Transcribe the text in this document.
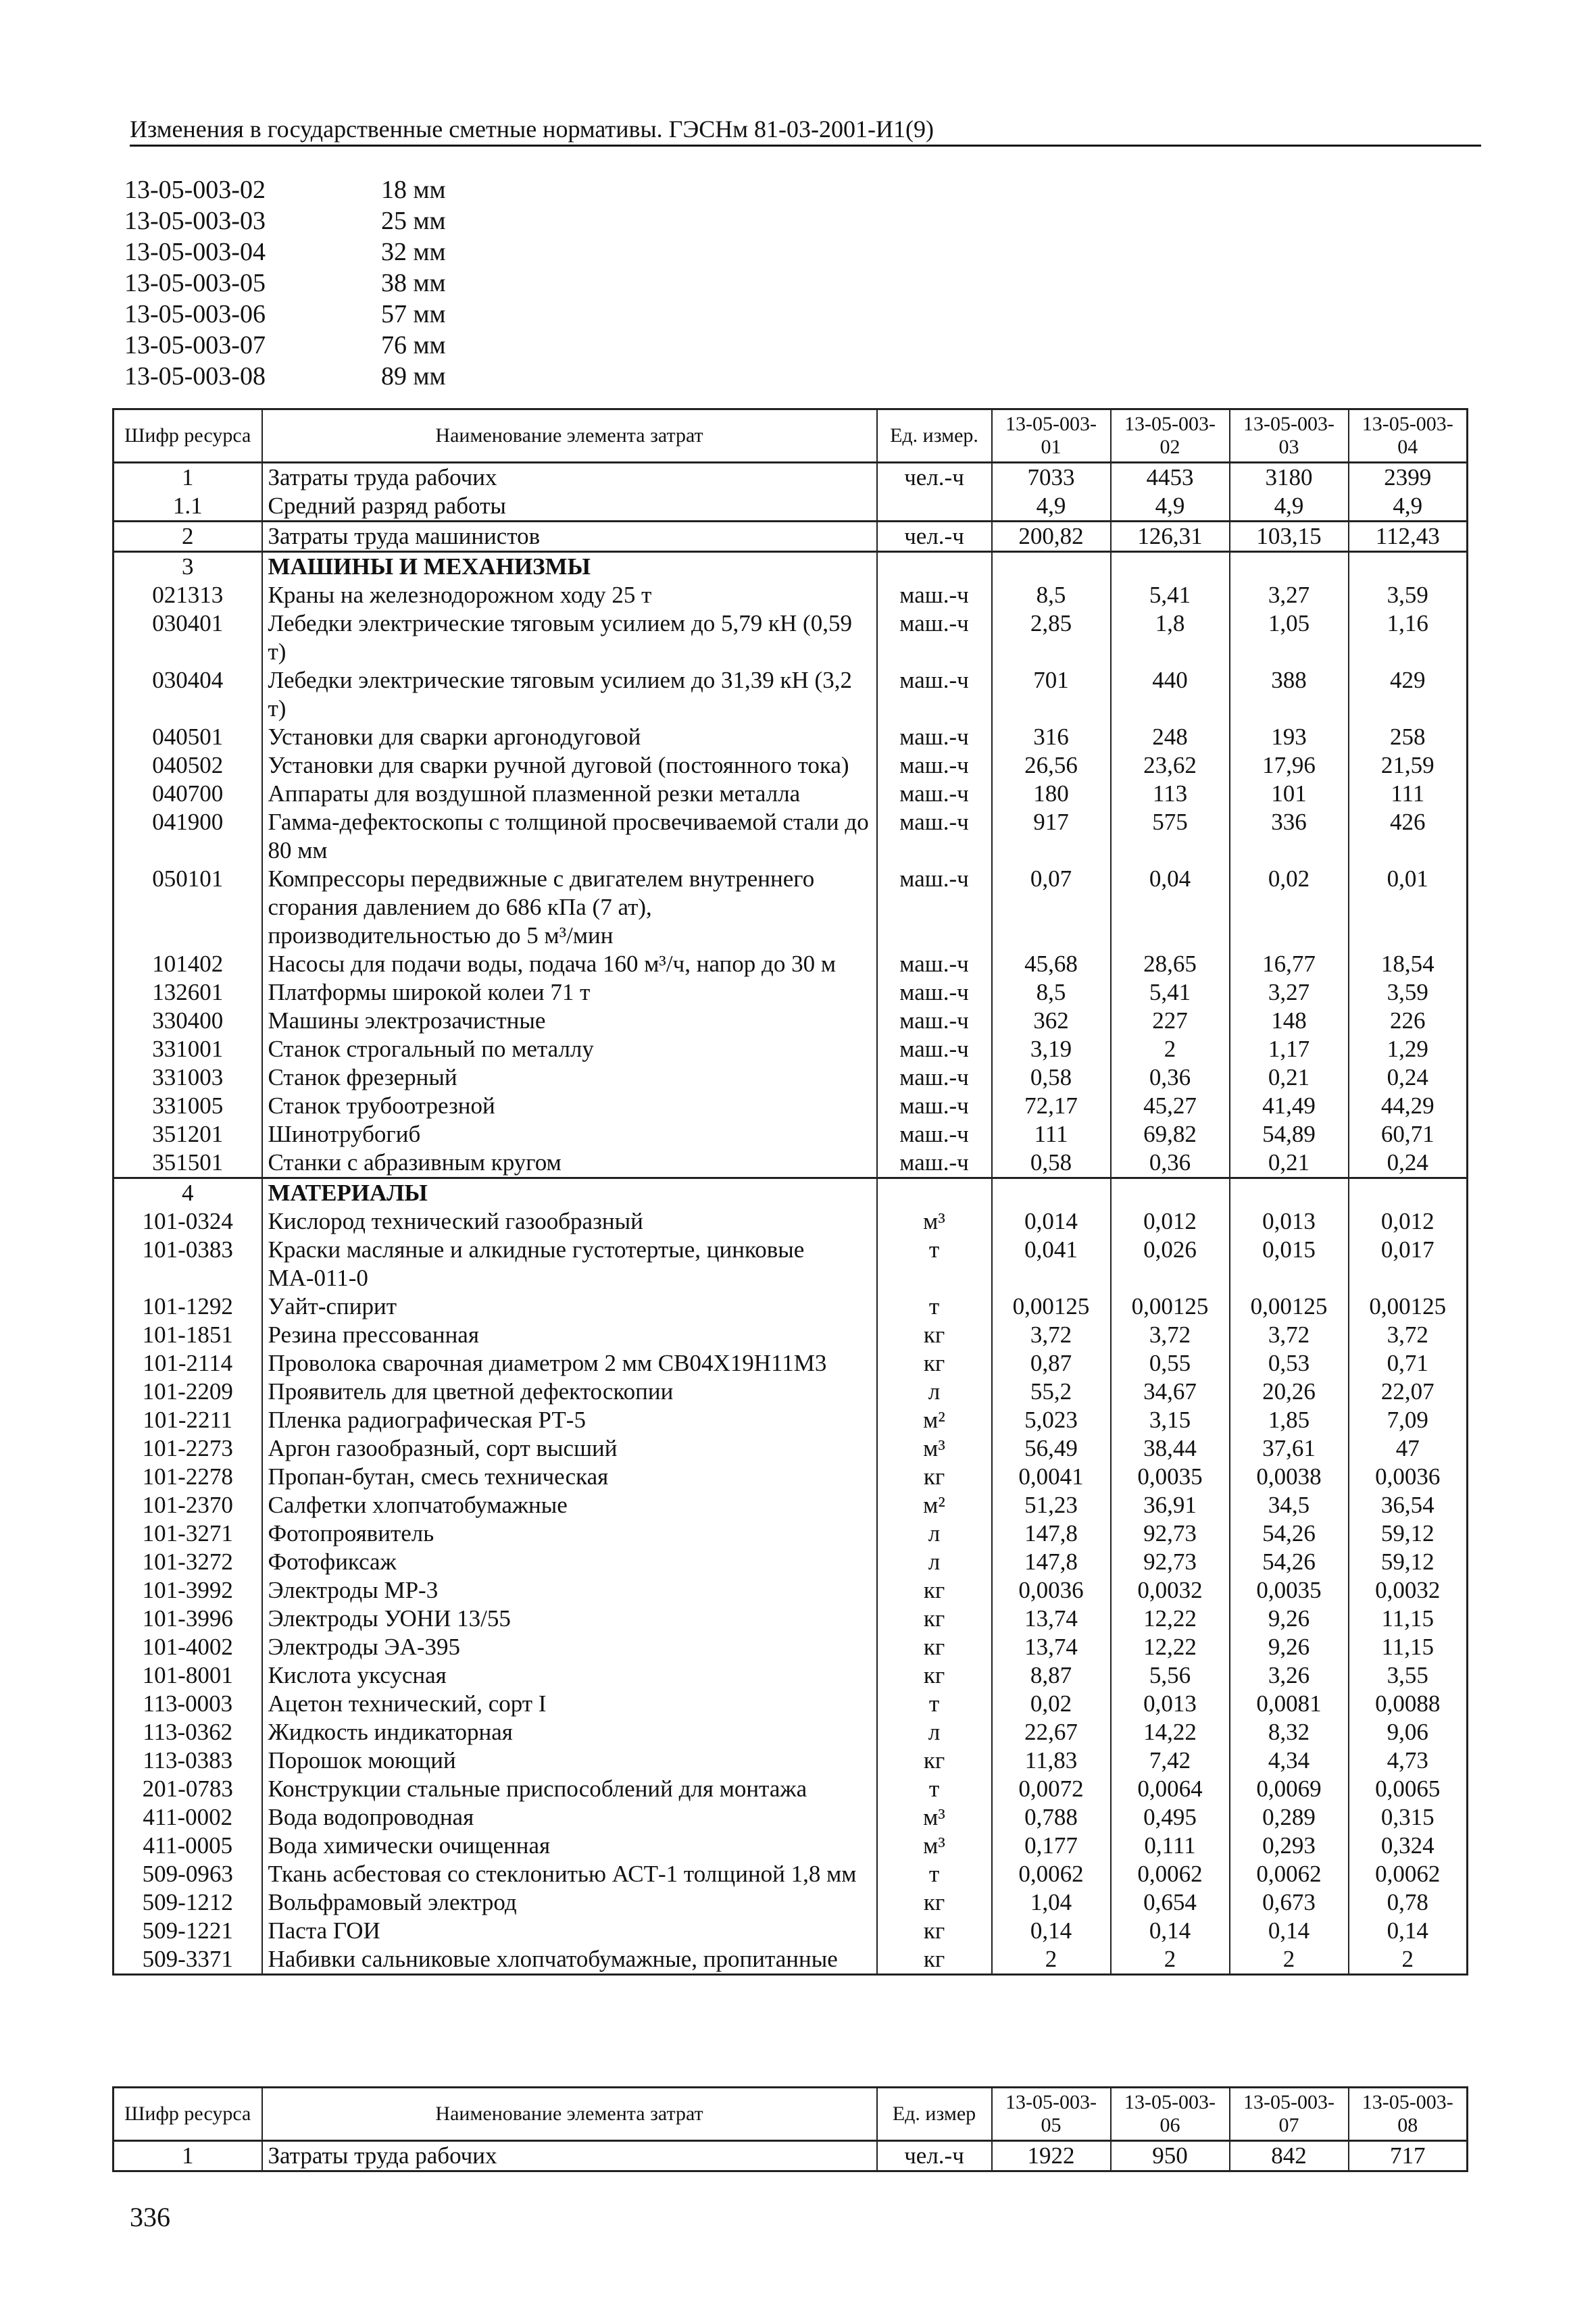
Изменения в государственные сметные нормативы. ГЭСНм 81-03-2001-И1(9)
13-05-003-02	18 мм
13-05-003-03	25 мм
13-05-003-04	32 мм
13-05-003-05	38 мм
13-05-003-06	57 мм
13-05-003-07	76 мм
13-05-003-08	89 мм
Шифр ресурса	Наименование элемента затрат	Ед. измер.	13-05-003-01	13-05-003-02	13-05-003-03	13-05-003-04
1	Затраты труда рабочих	чел.-ч	7033	4453	3180	2399
1.1	Средний разряд работы		4,9	4,9	4,9	4,9
2	Затраты труда машинистов	чел.-ч	200,82	126,31	103,15	112,43
3	МАШИНЫ И МЕХАНИЗМЫ					
021313	Краны на железнодорожном ходу 25 т	маш.-ч	8,5	5,41	3,27	3,59
030401	Лебедки электрические тяговым усилием до 5,79 кН (0,59 т)	маш.-ч	2,85	1,8	1,05	1,16
030404	Лебедки электрические тяговым усилием до 31,39 кН (3,2 т)	маш.-ч	701	440	388	429
040501	Установки для сварки аргонодуговой	маш.-ч	316	248	193	258
040502	Установки для сварки ручной дуговой (постоянного тока)	маш.-ч	26,56	23,62	17,96	21,59
040700	Аппараты для воздушной плазменной резки металла	маш.-ч	180	113	101	111
041900	Гамма-дефектоскопы с толщиной просвечиваемой стали до 80 мм	маш.-ч	917	575	336	426
050101	Компрессоры передвижные с двигателем внутреннего сгорания давлением до 686 кПа (7 ат), производительностью до 5 м³/мин	маш.-ч	0,07	0,04	0,02	0,01
101402	Насосы для подачи воды, подача 160 м³/ч, напор до 30 м	маш.-ч	45,68	28,65	16,77	18,54
132601	Платформы широкой колеи 71 т	маш.-ч	8,5	5,41	3,27	3,59
330400	Машины электрозачистные	маш.-ч	362	227	148	226
331001	Станок строгальный по металлу	маш.-ч	3,19	2	1,17	1,29
331003	Станок фрезерный	маш.-ч	0,58	0,36	0,21	0,24
331005	Станок трубоотрезной	маш.-ч	72,17	45,27	41,49	44,29
351201	Шинотрубогиб	маш.-ч	111	69,82	54,89	60,71
351501	Станки с абразивным кругом	маш.-ч	0,58	0,36	0,21	0,24
4	МАТЕРИАЛЫ					
101-0324	Кислород технический газообразный	м³	0,014	0,012	0,013	0,012
101-0383	Краски масляные и алкидные густотертые, цинковые МА-011-0	т	0,041	0,026	0,015	0,017
101-1292	Уайт-спирит	т	0,00125	0,00125	0,00125	0,00125
101-1851	Резина прессованная	кг	3,72	3,72	3,72	3,72
101-2114	Проволока сварочная диаметром 2 мм СВ04Х19Н11М3	кг	0,87	0,55	0,53	0,71
101-2209	Проявитель для цветной дефектоскопии	л	55,2	34,67	20,26	22,07
101-2211	Пленка радиографическая РТ-5	м²	5,023	3,15	1,85	7,09
101-2273	Аргон газообразный, сорт высший	м³	56,49	38,44	37,61	47
101-2278	Пропан-бутан, смесь техническая	кг	0,0041	0,0035	0,0038	0,0036
101-2370	Салфетки хлопчатобумажные	м²	51,23	36,91	34,5	36,54
101-3271	Фотопроявитель	л	147,8	92,73	54,26	59,12
101-3272	Фотофиксаж	л	147,8	92,73	54,26	59,12
101-3992	Электроды МР-3	кг	0,0036	0,0032	0,0035	0,0032
101-3996	Электроды УОНИ 13/55	кг	13,74	12,22	9,26	11,15
101-4002	Электроды ЭА-395	кг	13,74	12,22	9,26	11,15
101-8001	Кислота уксусная	кг	8,87	5,56	3,26	3,55
113-0003	Ацетон технический, сорт I	т	0,02	0,013	0,0081	0,0088
113-0362	Жидкость индикаторная	л	22,67	14,22	8,32	9,06
113-0383	Порошок моющий	кг	11,83	7,42	4,34	4,73
201-0783	Конструкции стальные приспособлений для монтажа	т	0,0072	0,0064	0,0069	0,0065
411-0002	Вода водопроводная	м³	0,788	0,495	0,289	0,315
411-0005	Вода химически очищенная	м³	0,177	0,111	0,293	0,324
509-0963	Ткань асбестовая со стеклонитью АСТ-1 толщиной 1,8 мм	т	0,0062	0,0062	0,0062	0,0062
509-1212	Вольфрамовый электрод	кг	1,04	0,654	0,673	0,78
509-1221	Паста ГОИ	кг	0,14	0,14	0,14	0,14
509-3371	Набивки сальниковые хлопчатобумажные, пропитанные	кг	2	2	2	2
Шифр ресурса	Наименование элемента затрат	Ед. измер	13-05-003-05	13-05-003-06	13-05-003-07	13-05-003-08
1	Затраты труда рабочих	чел.-ч	1922	950	842	717
336
